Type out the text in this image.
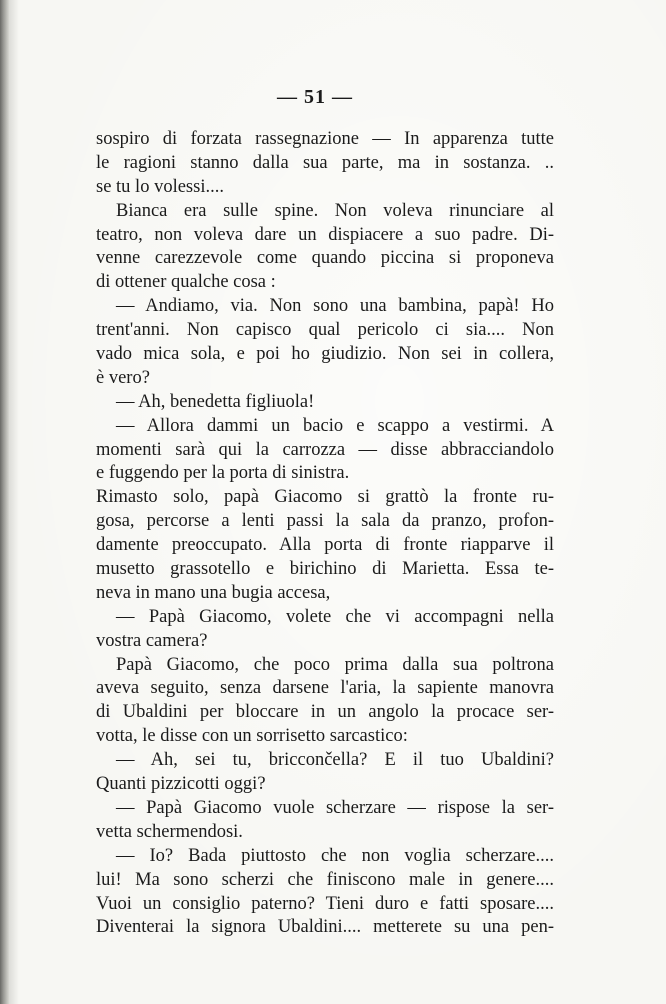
— 51 —
sospiro di forzata rassegnazione — In apparenza tutte
le ragioni stanno dalla sua parte, ma in sostanza. ..
se tu lo volessi....
Bianca era sulle spine. Non voleva rinunciare al
teatro, non voleva dare un dispiacere a suo padre. Di-
venne carezzevole come quando piccina si proponeva
di ottener qualche cosa :
— Andiamo, via. Non sono una bambina, papà! Ho
trent'anni. Non capisco qual pericolo ci sia.... Non
vado mica sola, e poi ho giudizio. Non sei in collera,
è vero?
— Ah, benedetta figliuola!
— Allora dammi un bacio e scappo a vestirmi. A
momenti sarà qui la carrozza — disse abbracciandolo
e fuggendo per la porta di sinistra.
Rimasto solo, papà Giacomo si grattò la fronte ru-
gosa, percorse a lenti passi la sala da pranzo, profon-
damente preoccupato. Alla porta di fronte riapparve il
musetto grassotello e birichino di Marietta. Essa te-
neva in mano una bugia accesa,
— Papà Giacomo, volete che vi accompagni nella
vostra camera?
Papà Giacomo, che poco prima dalla sua poltrona
aveva seguito, senza darsene l'aria, la sapiente manovra
di Ubaldini per bloccare in un angolo la procace ser-
votta, le disse con un sorrisetto sarcastico:
— Ah, sei tu, briccončella? E il tuo Ubaldini?
Quanti pizzicotti oggi?
— Papà Giacomo vuole scherzare — rispose la ser-
vetta schermendosi.
— Io? Bada piuttosto che non voglia scherzare....
lui! Ma sono scherzi che finiscono male in genere....
Vuoi un consiglio paterno? Tieni duro e fatti sposare....
Diventerai la signora Ubaldini.... metterete su una pen-
